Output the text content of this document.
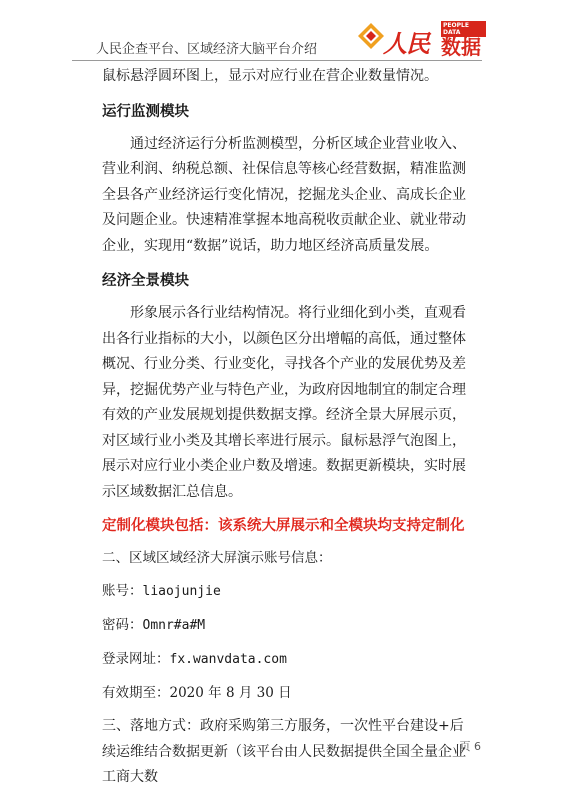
人民企查平台、区域经济大脑平台介绍	人民
PEOPLE DATA
数据

鼠标悬浮圆环图上，显示对应行业在营企业数量情况。

运行监测模块

通过经济运行分析监测模型，分析区域企业营业收入、营业利润、纳税总额、社保信息等核心经营数据，精准监测全县各产业经济运行变化情况，挖掘龙头企业、高成长企业及问题企业。快速精准掌握本地高税收贡献企业、就业带动企业，实现用“数据”说话，助力地区经济高质量发展。

经济全景模块

形象展示各行业结构情况。将行业细化到小类，直观看出各行业指标的大小，以颜色区分出增幅的高低，通过整体概况、行业分类、行业变化，寻找各个产业的发展优势及差异，挖掘优势产业与特色产业，为政府因地制宜的制定合理有效的产业发展规划提供数据支撑。经济全景大屏展示页，对区域行业小类及其增长率进行展示。鼠标悬浮气泡图上，展示对应行业小类企业户数及增速。数据更新模块，实时展示区域数据汇总信息。

定制化模块包括：该系统大屏展示和全模块均支持定制化

二、区域区域经济大屏演示账号信息：

账号：liaojunjie

密码：Omnr#a#M

登录网址：fx.wanvdata.com

有效期至：2020 年 8 月 30 日

三、落地方式：政府采购第三方服务，一次性平台建设+后续运维结合数据更新（该平台由人民数据提供全国全量企业工商大数

页 6
